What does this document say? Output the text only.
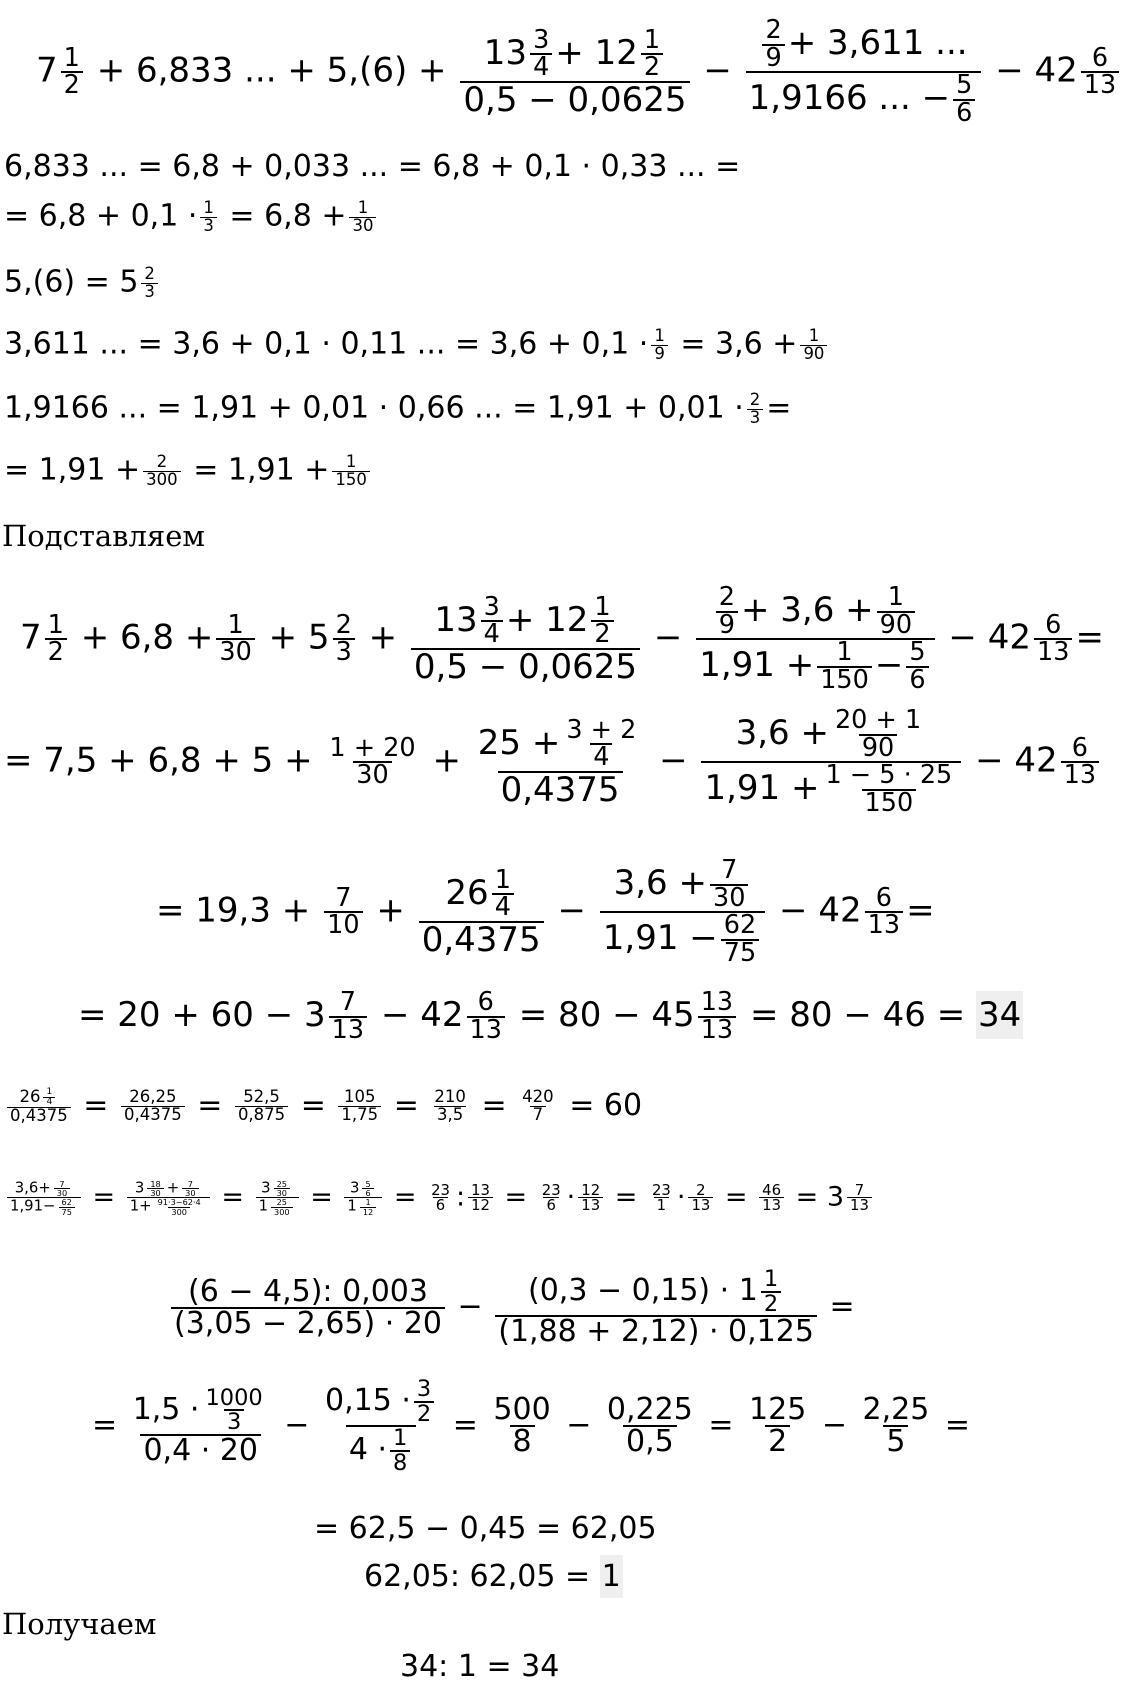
$7 \frac{1}{2} + 6,833$ ... + $5,(6) + \frac{13 \frac{3}{4} + 12 \frac{1}{2}}{0,5 - 0,0625} - \frac{\frac{2}{9} + 3,611 ...}{1,9166 ... - \frac{5}{6}} - 42 \frac{6}{13}$
6,833 ... = 6,8 + 0,033 ... = 6,8 + 0,1 · 0,33 ... =
= $6,8 + 0,1 \cdot \frac{1}{3} = 6,8 + \frac{1}{30}$
$5,(6) = 5 \frac{2}{3}$
3,611 ... = 3,6 + 0,1 · 0,11 ... = $3,6 + 0,1 \cdot \frac{1}{9} = 3,6 + \frac{1}{90}$
1,9166 ... = 1,91 + 0,01 · 0,66 ... = $1,91 + 0,01 \cdot \frac{2}{3}$ =
= $1,91 + \frac{2}{300} = 1,91 + \frac{1}{150}$
Подставляем
$7 \frac{1}{2} + 6,8 + \frac{1}{30} + 5 \frac{2}{3} + \frac{13 \frac{3}{4} + 12 \frac{1}{2}}{0,5 - 0,0625} - \frac{\frac{2}{9} + 3,6 + \frac{1}{90}}{1,91 + \frac{1}{150} - \frac{5}{6}} - 42 \frac{6}{13}$ =
= $7,5 + 6,8 + 5 + \frac{1 + 20}{30} + \frac{25 + \frac{3 + 2}{4}}{0,4375} - \frac{3,6 + \frac{20 + 1}{90}}{1,91 + \frac{1 - 5 \cdot 25}{150}} - 42 \frac{6}{13}$
= $19,3 + \frac{7}{10} + \frac{26 \frac{1}{4}}{0,4375} - \frac{3,6 + \frac{7}{30}}{1,91 - \frac{62}{75}} - 42 \frac{6}{13}$ =
= $20 + 60 - 3 \frac{7}{13} - 42 \frac{6}{13} = 80 - 45 \frac{13}{13} = 80 - 46 = 34$
$\frac{26 \frac{1}{4}}{0,4375} = \frac{26,25}{0,4375} = \frac{52,5}{0,875} = \frac{105}{1,75} = \frac{210}{3,5} = \frac{420}{7} = 60$
$\frac{3,6+ \frac{7}{30}}{1,91- \frac{62}{75}} = \frac{3 \frac{18}{30} + \frac{7}{30}}{1+ \frac{91\cdot 3-62\cdot 4}{300}} = \frac{3 \frac{25}{30}}{1 \frac{25}{300}} = \frac{3 \frac{5}{6}}{1 \frac{1}{12}} = \frac{23}{6}$ : $\frac{13}{12} = \frac{23}{6} \cdot \frac{12}{13} = \frac{23}{1} \cdot \frac{2}{13} = \frac{46}{13} = 3 \frac{7}{13}$
$\frac{(6 - 4,5): 0,003}{(3,05 - 2,65) \cdot 20} - \frac{(0,3 - 0,15) \cdot 1 \frac{1}{2}}{(1,88 + 2,12) \cdot 0,125}$ =
= $\frac{1,5 \cdot \frac{1000}{3}}{0,4 \cdot 20} - \frac{0,15 \cdot \frac{3}{2}}{4 \cdot \frac{1}{8}} = \frac{500}{8} - \frac{0,225}{0,5} = \frac{125}{2} - \frac{2,25}{5}$ =
= 62,5 − 0,45 = 62,05
62,05: 62,05 = 1
Получаем
34: 1 = 34
